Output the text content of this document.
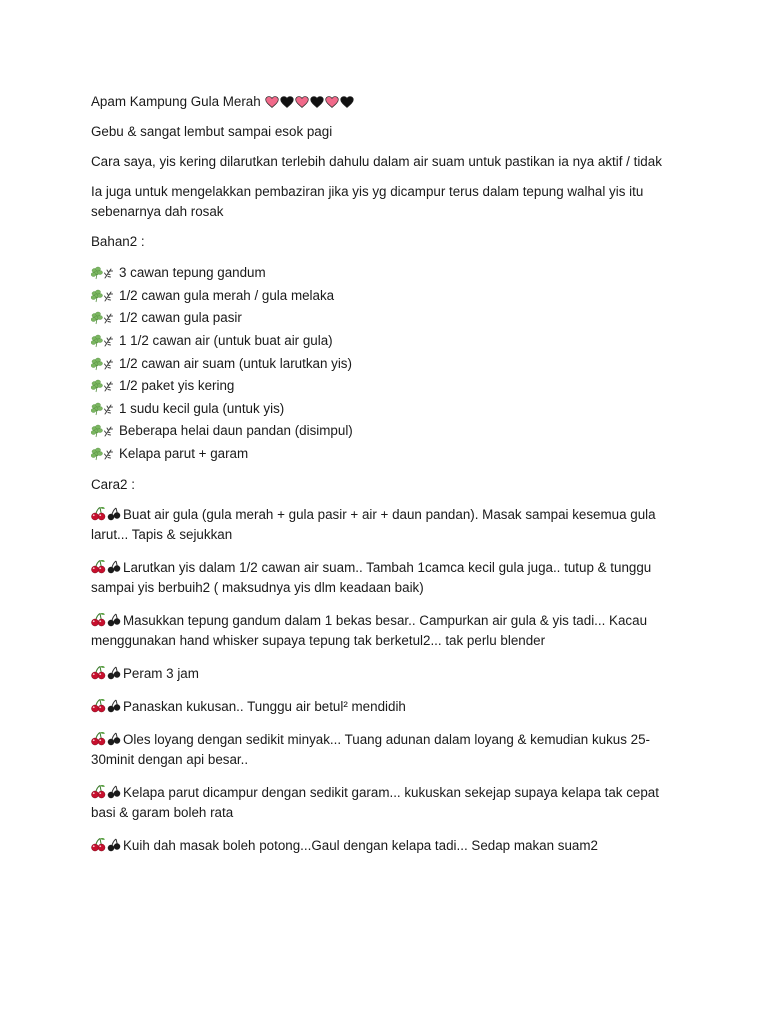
Apam Kampung Gula Merah

Gebu & sangat lembut sampai esok pagi

Cara saya, yis kering dilarutkan terlebih dahulu dalam air suam untuk pastikan ia nya aktif / tidak

Ia juga untuk mengelakkan pembaziran jika yis yg dicampur terus dalam tepung walhal yis itu sebenarnya dah rosak

Bahan2 :

3 cawan tepung gandum
1/2 cawan gula merah / gula melaka
1/2 cawan gula pasir
1 1/2 cawan air (untuk buat air gula)
1/2 cawan air suam (untuk larutkan yis)
1/2 paket yis kering
1 sudu kecil gula (untuk yis)
Beberapa helai daun pandan (disimpul)
Kelapa parut + garam

Cara2 :

Buat air gula (gula merah + gula pasir + air + daun pandan). Masak sampai kesemua gula larut... Tapis & sejukkan
Larutkan yis dalam 1/2 cawan air suam.. Tambah 1camca kecil gula juga.. tutup & tunggu sampai yis berbuih2 ( maksudnya yis dlm keadaan baik)
Masukkan tepung gandum dalam 1 bekas besar.. Campurkan air gula & yis tadi... Kacau menggunakan hand whisker supaya tepung tak berketul2... tak perlu blender
Peram 3 jam
Panaskan kukusan.. Tunggu air betul² mendidih
Oles loyang dengan sedikit minyak... Tuang adunan dalam loyang & kemudian kukus 25-30minit dengan api besar..
Kelapa parut dicampur dengan sedikit garam... kukuskan sekejap supaya kelapa tak cepat basi & garam boleh rata
Kuih dah masak boleh potong...Gaul dengan kelapa tadi... Sedap makan suam2
